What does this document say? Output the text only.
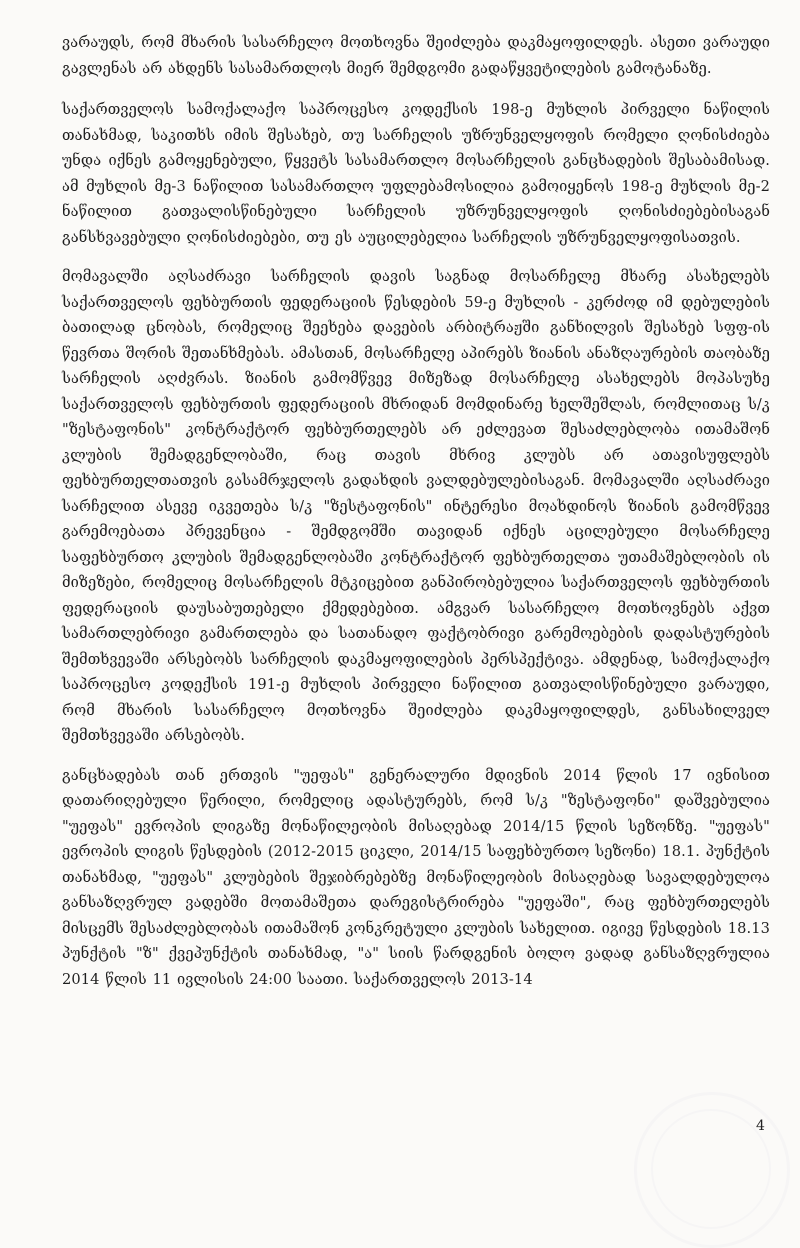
ვარაუდს, რომ მხარის სასარჩელო მოთხოვნა შეიძლება დაკმაყოფილდეს. ასეთი ვარაუდი გავლენას არ ახდენს სასამართლოს მიერ შემდგომი გადაწყვეტილების გამოტანაზე.

საქართველოს სამოქალაქო საპროცესო კოდექსის 198-ე მუხლის პირველი ნაწილის თანახმად, საკითხს იმის შესახებ, თუ სარჩელის უზრუნველყოფის რომელი ღონისძიება უნდა იქნეს გამოყენებული, წყვეტს სასამართლო მოსარჩელის განცხადების შესაბამისად. ამ მუხლის მე-3 ნაწილით სასამართლო უფლებამოსილია გამოიყენოს 198-ე მუხლის მე-2 ნაწილით გათვალისწინებული სარჩელის უზრუნველყოფის ღონისძიებებისაგან განსხვავებული ღონისძიებები, თუ ეს აუცილებელია სარჩელის უზრუნველყოფისათვის.

მომავალში აღსაძრავი სარჩელის დავის საგნად მოსარჩელე მხარე ასახელებს საქართველოს ფეხბურთის ფედერაციის წესდების 59-ე მუხლის - კერძოდ იმ დებულების ბათილად ცნობას, რომელიც შეეხება დავების არბიტრაჟში განხილვის შესახებ სფფ-ის წევრთა შორის შეთანხმებას. ამასთან, მოსარჩელე აპირებს ზიანის ანაზღაურების თაობაზე სარჩელის აღძვრას. ზიანის გამომწვევ მიზეზად მოსარჩელე ასახელებს მოპასუხე საქართველოს ფეხბურთის ფედერაციის მხრიდან მომდინარე ხელშეშლას, რომლითაც ს/კ "ზესტაფონის" კონტრაქტორ ფეხბურთელებს არ ეძლევათ შესაძლებლობა ითამაშონ კლუბის შემადგენლობაში, რაც თავის მხრივ კლუბს არ ათავისუფლებს ფეხბურთელთათვის გასამრჯელოს გადახდის ვალდებულებისაგან. მომავალში აღსაძრავი სარჩელით ასევე იკვეთება ს/კ "ზესტაფონის" ინტერესი მოახდინოს ზიანის გამომწვევ გარემოებათა პრევენცია - შემდგომში თავიდან იქნეს აცილებული მოსარჩელე საფეხბურთო კლუბის შემადგენლობაში კონტრაქტორ ფეხბურთელთა უთამაშებლობის ის მიზეზები, რომელიც მოსარჩელის მტკიცებით განპირობებულია საქართველოს ფეხბურთის ფედერაციის დაუსაბუთებელი ქმედებებით. ამგვარ სასარჩელო მოთხოვნებს აქვთ სამართლებრივი გამართლება და სათანადო ფაქტობრივი გარემოებების დადასტურების შემთხვევაში არსებობს სარჩელის დაკმაყოფილების პერსპექტივა. ამდენად, სამოქალაქო საპროცესო კოდექსის 191-ე მუხლის პირველი ნაწილით გათვალისწინებული ვარაუდი, რომ მხარის სასარჩელო მოთხოვნა შეიძლება დაკმაყოფილდეს, განსახილველ შემთხვევაში არსებობს.

განცხადებას თან ერთვის "უეფას" გენერალური მდივნის 2014 წლის 17 ივნისით დათარიღებული წერილი, რომელიც ადასტურებს, რომ ს/კ "ზესტაფონი" დაშვებულია "უეფას" ევროპის ლიგაზე მონაწილეობის მისაღებად 2014/15 წლის სეზონზე. "უეფას" ევროპის ლიგის წესდების (2012-2015 ციკლი, 2014/15 საფეხბურთო სეზონი) 18.1. პუნქტის თანახმად, "უეფას" კლუბების შეჯიბრებებზე მონაწილეობის მისაღებად სავალდებულოა განსაზღვრულ ვადებში მოთამაშეთა დარეგისტრირება "უეფაში", რაც ფეხბურთელებს მისცემს შესაძლებლობას ითამაშონ კონკრეტული კლუბის სახელით. იგივე წესდების 18.13 პუნქტის "ზ" ქვეპუნქტის თანახმად, "ა" სიის წარდგენის ბოლო ვადად განსაზღვრულია 2014 წლის 11 ივლისის 24:00 საათი. საქართველოს 2013-14

4
